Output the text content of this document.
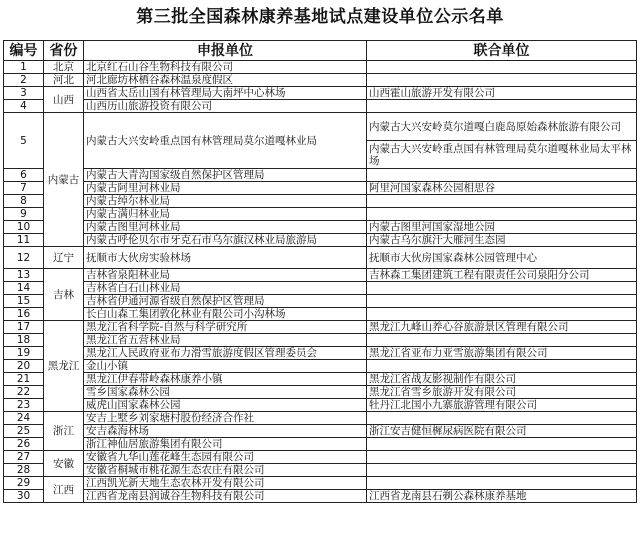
第三批全国森林康养基地试点建设单位公示名单
编号	省份	申报单位	联合单位
1	北京	北京红石山谷生物科技有限公司	
2	河北	河北廊坊林栖谷森林温泉度假区	
3	山西	山西省太岳山国有林管理局大南坪中心林场	山西霍山旅游开发有限公司
4		山西历山旅游投资有限公司	
5	内蒙古	内蒙古大兴安岭重点国有林管理局莫尔道嘎林业局	内蒙古大兴安岭莫尔道嘎白鹿岛原始森林旅游有限公司
			内蒙古大兴安岭重点国有林管理局莫尔道嘎林业局太平林场
6		内蒙古大青沟国家级自然保护区管理局	
7		内蒙古阿里河林业局	阿里河国家森林公园相思谷
8		内蒙古绰尔林业局	
9		内蒙古满归林业局	
10		内蒙古图里河林业局	内蒙古图里河国家湿地公园
11		内蒙古呼伦贝尔市牙克石市乌尔旗汉林业局旅游局	内蒙古乌尔旗汗大雁河生态园
12	辽宁	抚顺市大伙房实验林场	抚顺市大伙房国家森林公园管理中心
13	吉林	吉林省泉阳林业局	吉林森工集团建筑工程有限责任公司泉阳分公司
14		吉林省白石山林业局	
15		吉林省伊通河源省级自然保护区管理局	
16		长白山森工集团敦化林业有限公司小沟林场	
17	黑龙江	黑龙江省科学院-自然与科学研究所	黑龙江九峰山养心谷旅游景区管理有限公司
18		黑龙江省五营林业局	
19		黑龙江人民政府亚布力滑雪旅游度假区管理委员会	黑龙江省亚布力亚雪旅游集团有限公司
20		金山小镇	
21		黑龙江伊春带岭森林康养小镇	黑龙江省战友影视制作有限公司
22		雪乡国家森林公园	黑龙江省雪乡旅游开发有限公司
23		威虎山国家森林公园	牡丹江北国小九寨旅游管理有限公司
24	浙江	安吉上墅乡刘家塘村股份经济合作社	
25		安吉森海林场	浙江安吉健恒樨尿病医院有限公司
26		浙江神仙居旅游集团有限公司	
27	安徽	安徽省九华山莲花峰生态园有限公司	
28		安徽省桐城市桃花源生态农庄有限公司	
29	江西	江西凯光新天地生态农林开发有限公司	
30		江西省龙南县润诚谷生物科技有限公司	江西省龙南县石剃公森林康养基地
